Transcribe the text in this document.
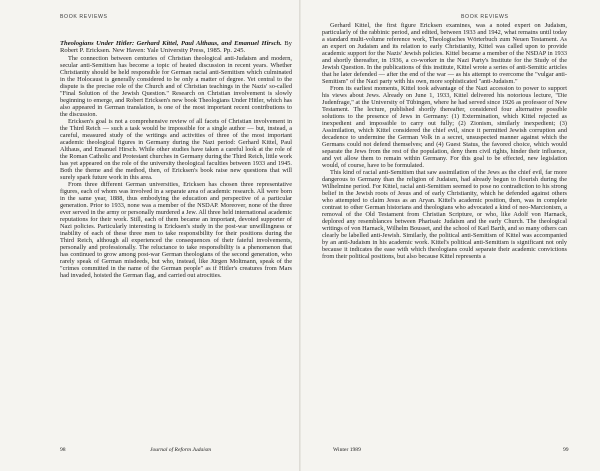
BOOK REVIEWS

Theologians Under Hitler: Gerhard Kittel, Paul Althaus, and Emanuel Hirsch. By Robert P. Ericksen. New Haven: Yale University Press, 1985. Pp. 245.

The connection between centuries of Christian theological anti-Judaism and modern, secular anti-Semitism has become a topic of heated discussion in recent years. Whether Christianity should be held responsible for German racial anti-Semitism which culminated in the Holocaust is generally considered to be only a matter of degree. Yet central to the dispute is the precise role of the Church and of Christian teachings in the Nazis' so-called "Final Solution of the Jewish Question." Research on Christian involvement is slowly beginning to emerge, and Robert Ericksen's new book Theologians Under Hitler, which has also appeared in German translation, is one of the most important recent contributions to the discussion.

Ericksen's goal is not a comprehensive review of all facets of Christian involvement in the Third Reich — such a task would be impossible for a single author — but, instead, a careful, measured study of the writings and activities of three of the most important academic theological figures in Germany during the Nazi period: Gerhard Kittel, Paul Althaus, and Emanuel Hirsch. While other studies have taken a careful look at the role of the Roman Catholic and Protestant churches in Germany during the Third Reich, little work has yet appeared on the role of the university theological faculties between 1933 and 1945. Both the theme and the method, then, of Ericksen's book raise new questions that will surely spark future work in this area.

From three different German universities, Ericksen has chosen three representative figures, each of whom was involved in a separate area of academic research. All were born in the same year, 1888, thus embodying the education and perspective of a particular generation. Prior to 1933, none was a member of the NSDAP. Moreover, none of the three ever served in the army or personally murdered a Jew. All three held international academic reputations for their work. Still, each of them became an important, devoted supporter of Nazi policies. Particularly interesting is Ericksen's study in the post-war unwillingness or inability of each of these three men to take responsibility for their positions during the Third Reich, although all experienced the consequences of their fateful involvements, personally and professionally. The reluctance to take responsibility is a phenomenon that has continued to grow among post-war German theologians of the second generation, who rarely speak of German misdeeds, but who, instead, like Jürgen Moltmann, speak of the "crimes committed in the name of the German people" as if Hitler's creatures from Mars had invaded, hoisted the German flag, and carried out atrocities.

98	Journal of Reform Judaism

BOOK REVIEWS

Gerhard Kittel, the first figure Ericksen examines, was a noted expert on Judaism, particularly of the rabbinic period, and edited, between 1933 and 1942, what remains until today a standard multi-volume reference work, Theologisches Wörterbuch zum Neuen Testament. As an expert on Judaism and its relation to early Christianity, Kittel was called upon to provide academic support for the Nazis' Jewish policies. Kittel became a member of the NSDAP in 1933 and shortly thereafter, in 1936, a co-worker in the Nazi Party's Institute for the Study of the Jewish Question. In the publications of this institute, Kittel wrote a series of anti-Semitic articles that he later defended — after the end of the war — as his attempt to overcome the "vulgar anti-Semitism" of the Nazi party with his own, more sophisticated "anti-Judaism."

From its earliest moments, Kittel took advantage of the Nazi accession to power to support his views about Jews. Already on June 1, 1933, Kittel delivered his notorious lecture, "Die Judenfrage," at the University of Tübingen, where he had served since 1926 as professor of New Testament. The lecture, published shortly thereafter, considered four alternative possible solutions to the presence of Jews in Germany: (1) Extermination, which Kittel rejected as inexpedient and impossible to carry out fully; (2) Zionism, similarly inexpedient; (3) Assimilation, which Kittel considered the chief evil, since it permitted Jewish corruption and decadence to undermine the German Volk in a secret, unsuspected manner against which the Germans could not defend themselves; and (4) Guest Status, the favored choice, which would separate the Jews from the rest of the population, deny them civil rights, hinder their influence, and yet allow them to remain within Germany. For this goal to be effected, new legislation would, of course, have to be formulated.

This kind of racial anti-Semitism that saw assimilation of the Jews as the chief evil, far more dangerous to Germany than the religion of Judaism, had already begun to flourish during the Wilhelmine period. For Kittel, racial anti-Semitism seemed to pose no contradiction to his strong belief in the Jewish roots of Jesus and of early Christianity, which he defended against others who attempted to claim Jesus as an Aryan. Kittel's academic position, then, was in complete contrast to other German historians and theologians who advocated a kind of neo-Marcionism, a removal of the Old Testament from Christian Scripture, or who, like Adolf von Harnack, deplored any resemblances between Pharisaic Judaism and the early Church. The theological writings of von Harnack, Wilhelm Bousset, and the school of Karl Barth, and so many others can clearly be labelled anti-Jewish. Similarly, the political anti-Semitism of Kittel was accompanied by an anti-Judaism in his academic work. Kittel's political anti-Semitism is significant not only because it indicates the ease with which theologians could separate their academic convictions from their political positions, but also because Kittel represents a

Winter 1989	99
